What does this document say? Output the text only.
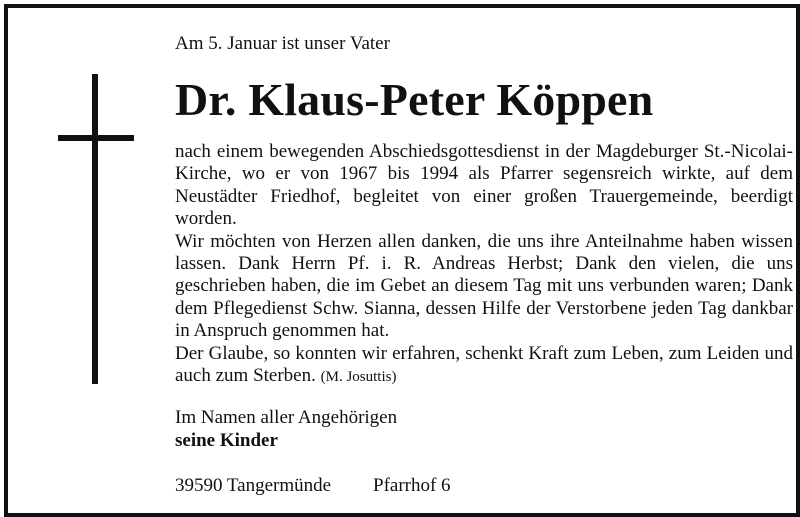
Am 5. Januar ist unser Vater
Dr. Klaus-Peter Köppen

nach einem bewegenden Abschiedsgottesdienst in der Magdeburger St.-Nicolai-Kirche, wo er von 1967 bis 1994 als Pfarrer segensreich wirkte, auf dem Neustädter Friedhof, begleitet von einer großen Trauergemeinde, beerdigt worden.

Wir möchten von Herzen allen danken, die uns ihre Anteilnahme haben wissen lassen. Dank Herrn Pf. i. R. Andreas Herbst; Dank den vielen, die uns geschrieben haben, die im Gebet an diesem Tag mit uns verbunden waren; Dank dem Pflegedienst Schw. Sianna, dessen Hilfe der Verstorbene jeden Tag dankbar in Anspruch genommen hat.

Der Glaube, so konnten wir erfahren, schenkt Kraft zum Leben, zum Leiden und auch zum Sterben. (M. Josuttis)

Im Namen aller Angehörigen
seine Kinder
39590 Tangermünde Pfarrhof 6
